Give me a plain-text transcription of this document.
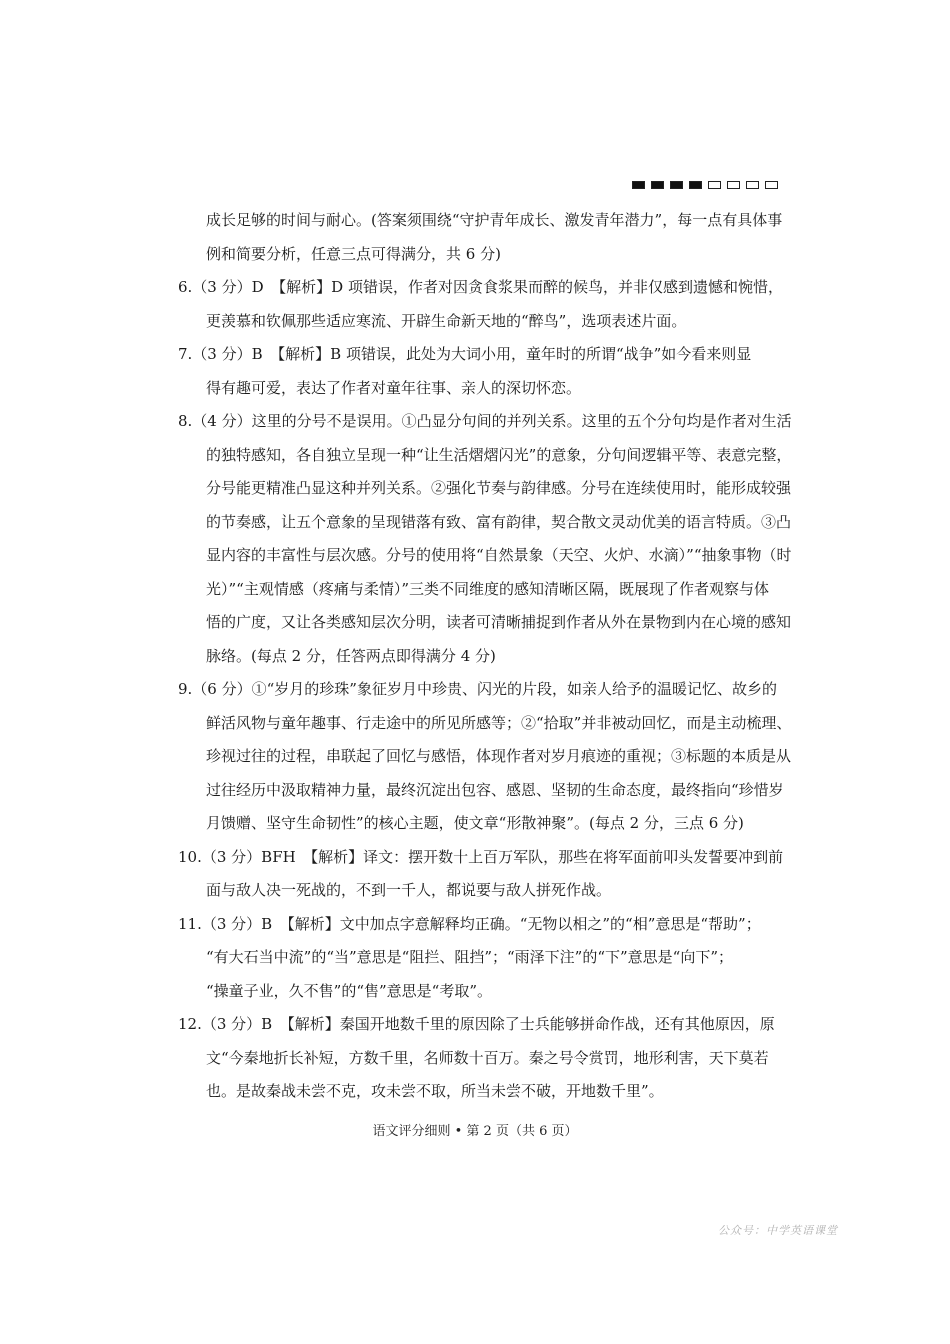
成长足够的时间与耐心。(答案须围绕“守护青年成长、激发青年潜力”，每一点有具体事
例和简要分析，任意三点可得满分，共 6 分)
6.（3 分）D　【解析】D 项错误，作者对因贪食浆果而醉的候鸟，并非仅感到遗憾和惋惜，
更羡慕和钦佩那些适应寒流、开辟生命新天地的“醉鸟”，选项表述片面。
7.（3 分）B　【解析】B 项错误，此处为大词小用，童年时的所谓“战争”如今看来则显
得有趣可爱，表达了作者对童年往事、亲人的深切怀恋。
8.（4 分）这里的分号不是误用。①凸显分句间的并列关系。这里的五个分句均是作者对生活
的独特感知，各自独立呈现一种“让生活熠熠闪光”的意象，分句间逻辑平等、表意完整，
分号能更精准凸显这种并列关系。②强化节奏与韵律感。分号在连续使用时，能形成较强
的节奏感，让五个意象的呈现错落有致、富有韵律，契合散文灵动优美的语言特质。③凸
显内容的丰富性与层次感。分号的使用将“自然景象（天空、火炉、水滴）”“抽象事物（时
光）”“主观情感（疼痛与柔情）”三类不同维度的感知清晰区隔，既展现了作者观察与体
悟的广度，又让各类感知层次分明，读者可清晰捕捉到作者从外在景物到内在心境的感知
脉络。(每点 2 分，任答两点即得满分 4 分)
9.（6 分）①“岁月的珍珠”象征岁月中珍贵、闪光的片段，如亲人给予的温暖记忆、故乡的
鲜活风物与童年趣事、行走途中的所见所感等；②“拾取”并非被动回忆，而是主动梳理、
珍视过往的过程，串联起了回忆与感悟，体现作者对岁月痕迹的重视；③标题的本质是从
过往经历中汲取精神力量，最终沉淀出包容、感恩、坚韧的生命态度，最终指向“珍惜岁
月馈赠、坚守生命韧性”的核心主题，使文章“形散神聚”。(每点 2 分，三点 6 分)
10.（3 分）BFH　【解析】译文：摆开数十上百万军队，那些在将军面前叩头发誓要冲到前
面与敌人决一死战的，不到一千人，都说要与敌人拼死作战。
11.（3 分）B　【解析】文中加点字意解释均正确。“无物以相之”的“相”意思是“帮助”；
“有大石当中流”的“当”意思是“阻拦、阻挡”；“雨泽下注”的“下”意思是“向下”；
“操童子业，久不售”的“售”意思是“考取”。
12.（3 分）B　【解析】秦国开地数千里的原因除了士兵能够拼命作战，还有其他原因，原
文“今秦地折长补短，方数千里，名师数十百万。秦之号令赏罚，地形利害，天下莫若
也。是故秦战未尝不克，攻未尝不取，所当未尝不破，开地数千里”。
语文评分细则 • 第 2 页（共 6 页）
公众号：中学英语课堂
